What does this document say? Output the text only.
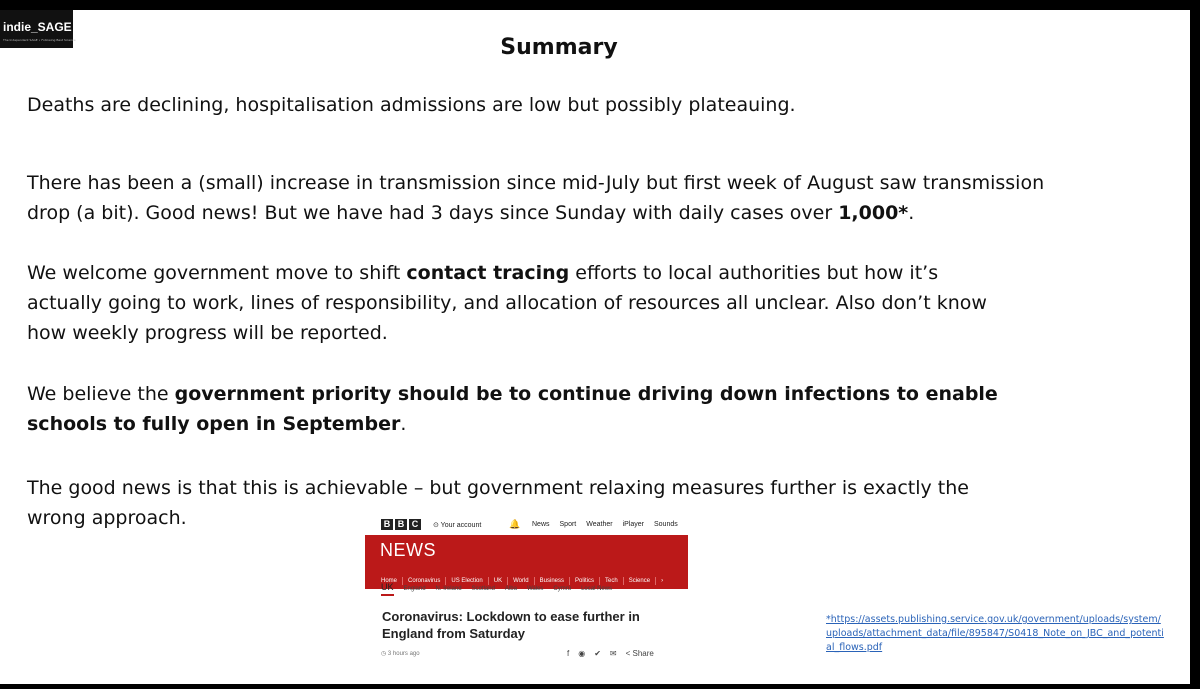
indie_SAGE
The Independent SAGE • Following Best Science	Summary
Deaths are declining, hospitalisation admissions are low but possibly plateauing.
There has been a (small) increase in transmission since mid-July but first week of August saw transmission
drop (a bit). Good news! But we have had 3 days since Sunday with daily cases over 1,000*.
We welcome government move to shift contact tracing efforts to local authorities but how it’s
actually going to work, lines of responsibility, and allocation of resources all unclear. Also don’t know
how weekly progress will be reported.
We believe the government priority should be to continue driving down infections to enable
schools to fully open in September.
The good news is that this is achievable – but government relaxing measures further is exactly the
wrong approach.	B B C	⊙ Your account	🔔 News Sport Weather iPlayer Sounds
NEWS
Home	Coronavirus	US Election	UK	World	Business	Politics	Tech	Science	›
UK England N. Ireland Scotland Alba Wales Cymru Local News
Coronavirus: Lockdown to ease further in England from Saturday
◷ 3 hours ago	f ◉ ✔ ✉ < Share
*https://assets.publishing.service.gov.uk/government/uploads/system/uploads/attachment_data/file/895847/S0418_Note_on_JBC_and_potential_flows.pdf
